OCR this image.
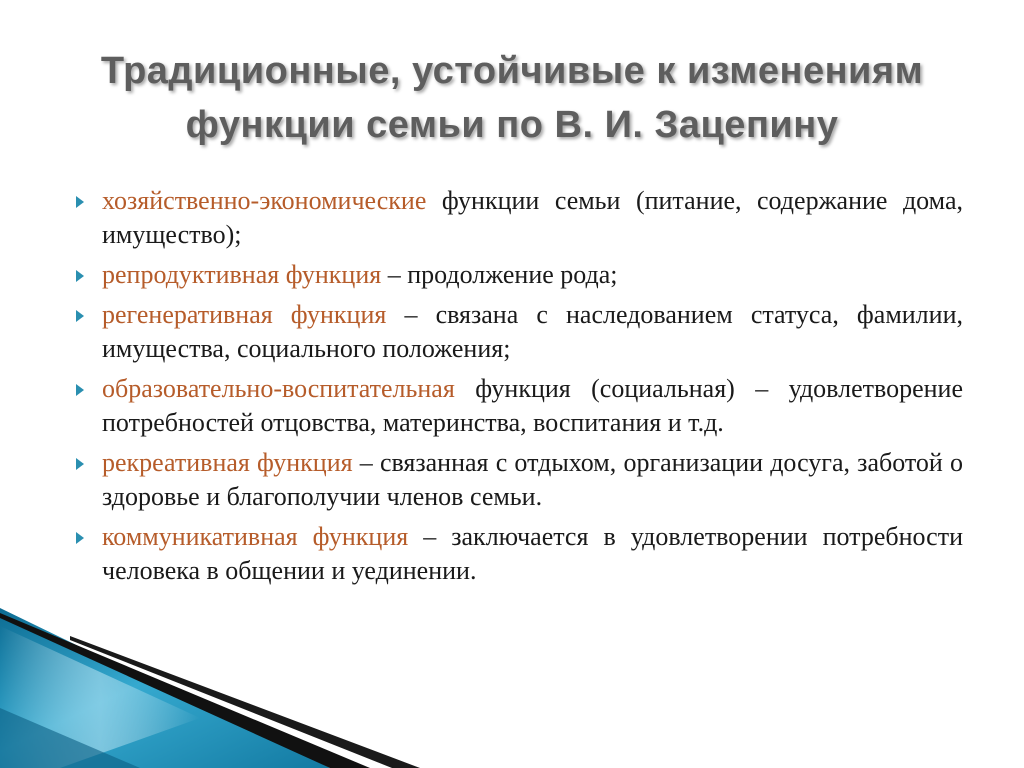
Традиционные, устойчивые к изменениям
функции семьи по В. И. Зацепину
хозяйственно-экономические функции семьи (питание, содержание дома, имущество);
репродуктивная функция – продолжение рода;
регенеративная функция – связана с наследованием статуса, фамилии, имущества, социального положения;
образовательно-воспитательная функция (социальная) – удовлетворение потребностей отцовства, материнства, воспитания и т.д.
рекреативная функция – связанная с отдыхом, организации досуга, заботой о здоровье и благополучии членов семьи.
коммуникативная функция – заключается в удовлетворении потребности человека в общении и уединении.
